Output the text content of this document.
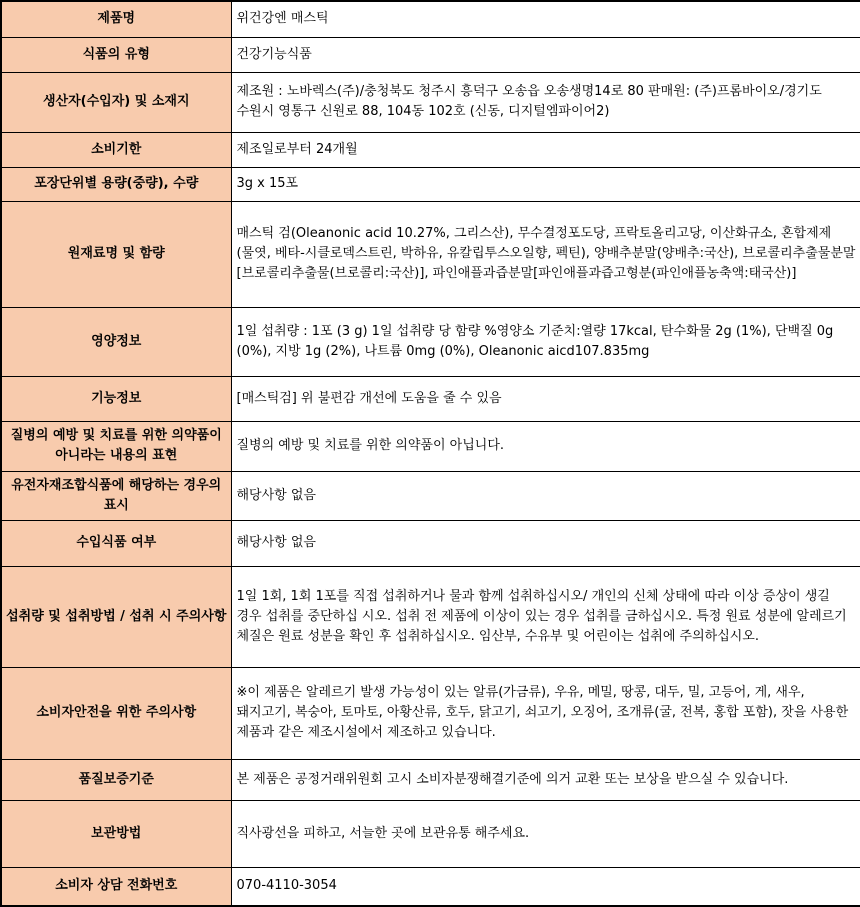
제품명	위건강엔 매스틱
식품의 유형	건강기능식품
생산자(수입자) 및 소재지	제조원 : 노바렉스(주)/충청북도 청주시 흥덕구 오송읍 오송생명14로 80 판매원: (주)프롬바이오/경기도 수원시 영통구 신원로 88, 104동 102호 (신동, 디지털엠파이어2)
소비기한	제조일로부터 24개월
포장단위별 용량(중량), 수량	3g x 15포
원재료명 및 함량	매스틱 검(Oleanonic acid 10.27%, 그리스산), 무수결정포도당, 프락토올리고당, 이산화규소, 혼합제제(물엿, 베타-시클로덱스트린, 박하유, 유칼립투스오일향, 펙틴), 양배추분말(양배추:국산), 브로콜리추출물분말[브로콜리추출물(브로콜리:국산)], 파인애플과즙분말[파인애플과즙고형분(파인애플농축액:태국산)]
영양정보	1일 섭취량 : 1포 (3 g) 1일 섭취량 당 함량 %영양소 기준치:열량 17kcal, 탄수화물 2g (1%), 단백질 0g (0%), 지방 1g (2%), 나트륨 0mg (0%), Oleanonic aicd107.835mg
기능정보	[매스틱검] 위 불편감 개선에 도움을 줄 수 있음
질병의 예방 및 치료를 위한 의약품이 아니라는 내용의 표현	질병의 예방 및 치료를 위한 의약품이 아닙니다.
유전자재조합식품에 해당하는 경우의 표시	해당사항 없음
수입식품 여부	해당사항 없음
섭취량 및 섭취방법 / 섭취 시 주의사항	1일 1회, 1회 1포를 직접 섭취하거나 물과 함께 섭취하십시오/ 개인의 신체 상태에 따라 이상 증상이 생길 경우 섭취를 중단하십 시오. 섭취 전 제품에 이상이 있는 경우 섭취를 금하십시오. 특정 원료 성분에 알레르기 체질은 원료 성분을 확인 후 섭취하십시오. 임산부, 수유부 및 어린이는 섭취에 주의하십시오.
소비자안전을 위한 주의사항	※이 제품은 알레르기 발생 가능성이 있는 알류(가금류), 우유, 메밀, 땅콩, 대두, 밀, 고등어, 게, 새우, 돼지고기, 복숭아, 토마토, 아황산류, 호두, 닭고기, 쇠고기, 오징어, 조개류(굴, 전복, 홍합 포함), 잣을 사용한 제품과 같은 제조시설에서 제조하고 있습니다.
품질보증기준	본 제품은 공정거래위원회 고시 소비자분쟁해결기준에 의거 교환 또는 보상을 받으실 수 있습니다.
보관방법	직사광선을 피하고, 서늘한 곳에 보관유통 해주세요.
소비자 상담 전화번호	070-4110-3054
